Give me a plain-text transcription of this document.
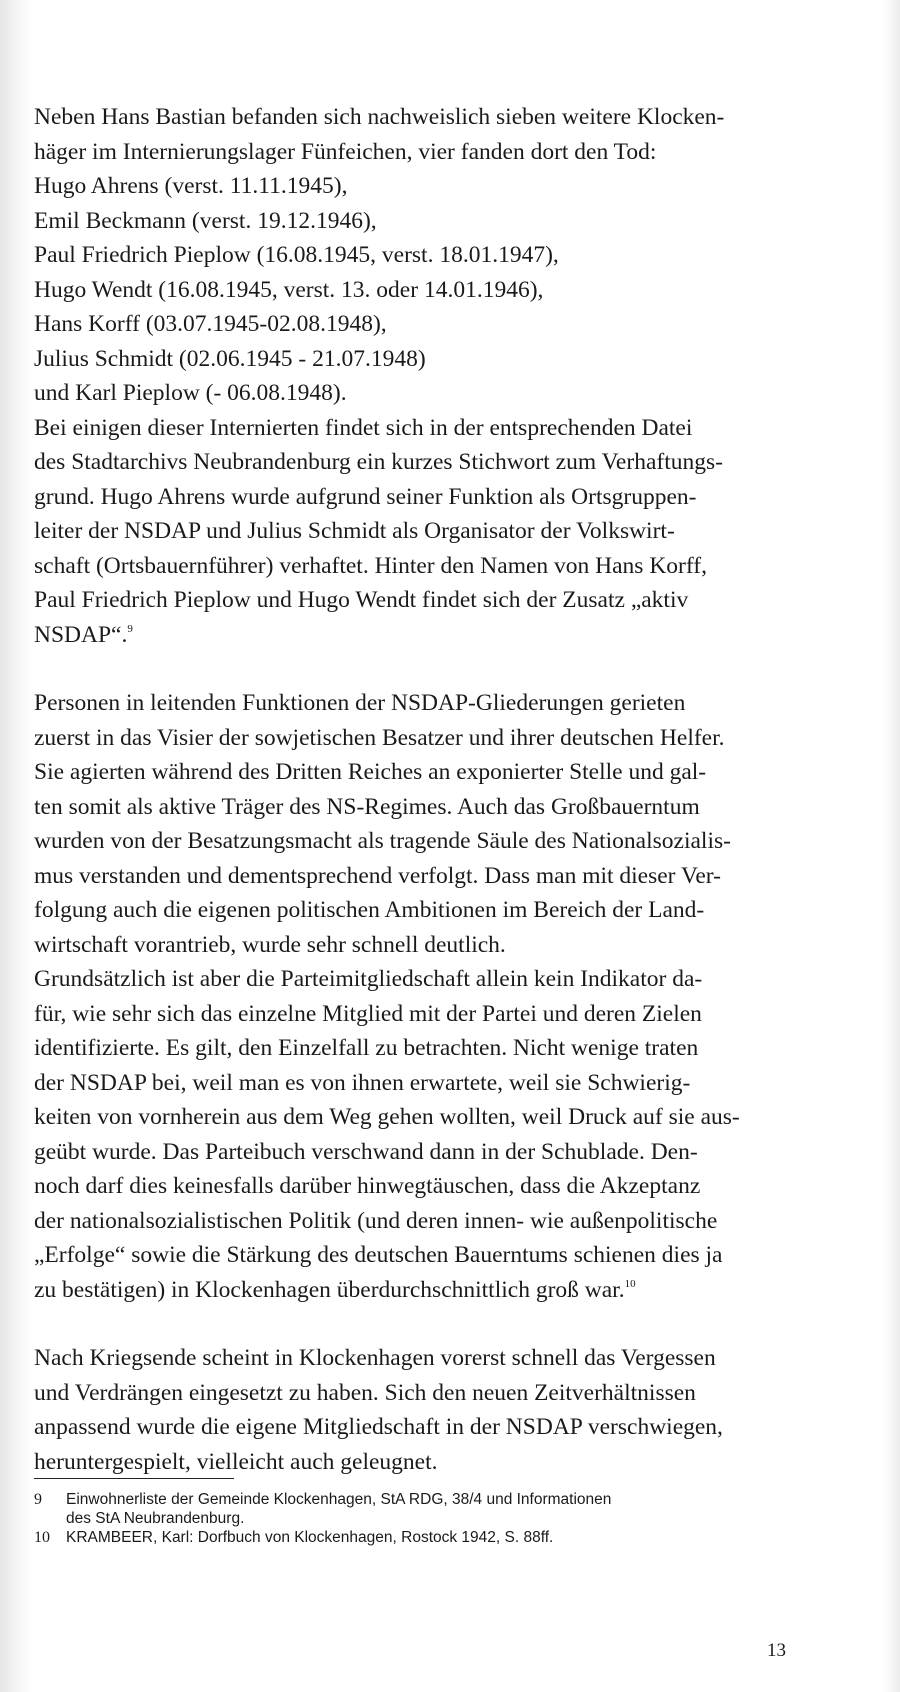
Neben Hans Bastian befanden sich nachweislich sieben weitere Klocken-
häger im Internierungslager Fünfeichen, vier fanden dort den Tod:
Hugo Ahrens (verst. 11.11.1945),
Emil Beckmann (verst. 19.12.1946),
Paul Friedrich Pieplow (16.08.1945, verst. 18.01.1947),
Hugo Wendt (16.08.1945, verst. 13. oder 14.01.1946),
Hans Korff (03.07.1945-02.08.1948),
Julius Schmidt (02.06.1945 - 21.07.1948)
und Karl Pieplow (- 06.08.1948).

Bei einigen dieser Internierten findet sich in der entsprechenden Datei
des Stadtarchivs Neubrandenburg ein kurzes Stichwort zum Verhaftungs-
grund. Hugo Ahrens wurde aufgrund seiner Funktion als Ortsgruppen-
leiter der NSDAP und Julius Schmidt als Organisator der Volkswirt-
schaft (Ortsbauernführer) verhaftet. Hinter den Namen von Hans Korff,
Paul Friedrich Pieplow und Hugo Wendt findet sich der Zusatz „aktiv
NSDAP“.$^9$

Personen in leitenden Funktionen der NSDAP-Gliederungen gerieten
zuerst in das Visier der sowjetischen Besatzer und ihrer deutschen Helfer.
Sie agierten während des Dritten Reiches an exponierter Stelle und gal-
ten somit als aktive Träger des NS-Regimes. Auch das Großbauerntum
wurden von der Besatzungsmacht als tragende Säule des Nationalsozialis-
mus verstanden und dementsprechend verfolgt. Dass man mit dieser Ver-
folgung auch die eigenen politischen Ambitionen im Bereich der Land-
wirtschaft vorantrieb, wurde sehr schnell deutlich.

Grundsätzlich ist aber die Parteimitgliedschaft allein kein Indikator da-
für, wie sehr sich das einzelne Mitglied mit der Partei und deren Zielen
identifizierte. Es gilt, den Einzelfall zu betrachten. Nicht wenige traten
der NSDAP bei, weil man es von ihnen erwartete, weil sie Schwierig-
keiten von vornherein aus dem Weg gehen wollten, weil Druck auf sie aus-
geübt wurde. Das Parteibuch verschwand dann in der Schublade. Den-
noch darf dies keinesfalls darüber hinwegtäuschen, dass die Akzeptanz
der nationalsozialistischen Politik (und deren innen- wie außenpolitische
„Erfolge“ sowie die Stärkung des deutschen Bauerntums schienen dies ja
zu bestätigen) in Klockenhagen überdurchschnittlich groß war.$^{10}$

Nach Kriegsende scheint in Klockenhagen vorerst schnell das Vergessen
und Verdrängen eingesetzt zu haben. Sich den neuen Zeitverhältnissen
anpassend wurde die eigene Mitgliedschaft in der NSDAP verschwiegen,
heruntergespielt, vielleicht auch geleugnet.

9	Einwohnerliste der Gemeinde Klockenhagen, StA RDG, 38/4 und Informationen
des StA Neubrandenburg.
10	KRAMBEER, Karl: Dorfbuch von Klockenhagen, Rostock 1942, S. 88ff.
13
